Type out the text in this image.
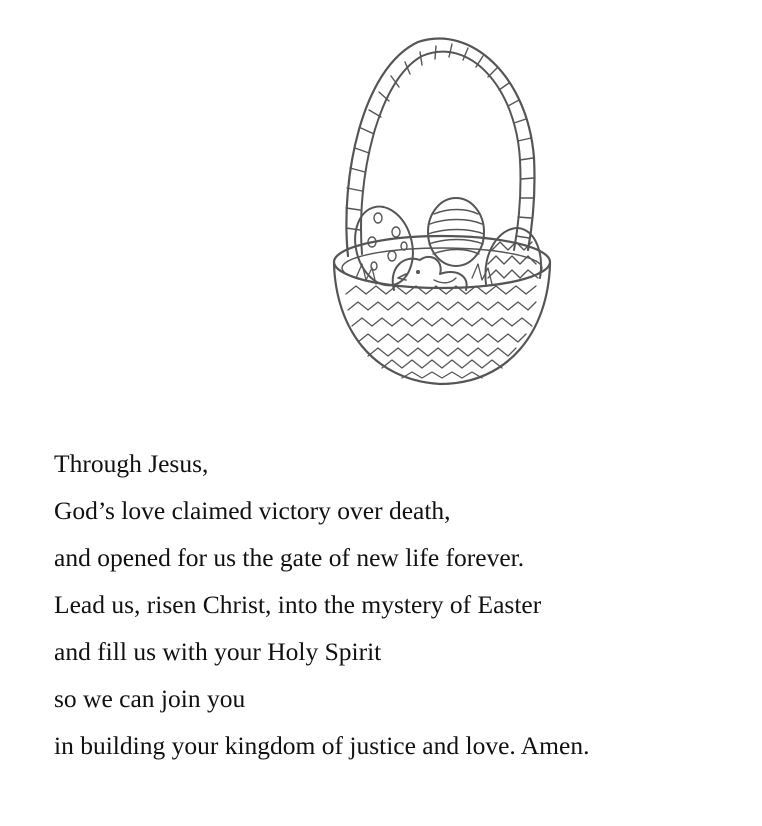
Through Jesus,
God’s love claimed victory over death,
and opened for us the gate of new life forever.
Lead us, risen Christ, into the mystery of Easter
and fill us with your Holy Spirit
so we can join you
in building your kingdom of justice and love. Amen.
